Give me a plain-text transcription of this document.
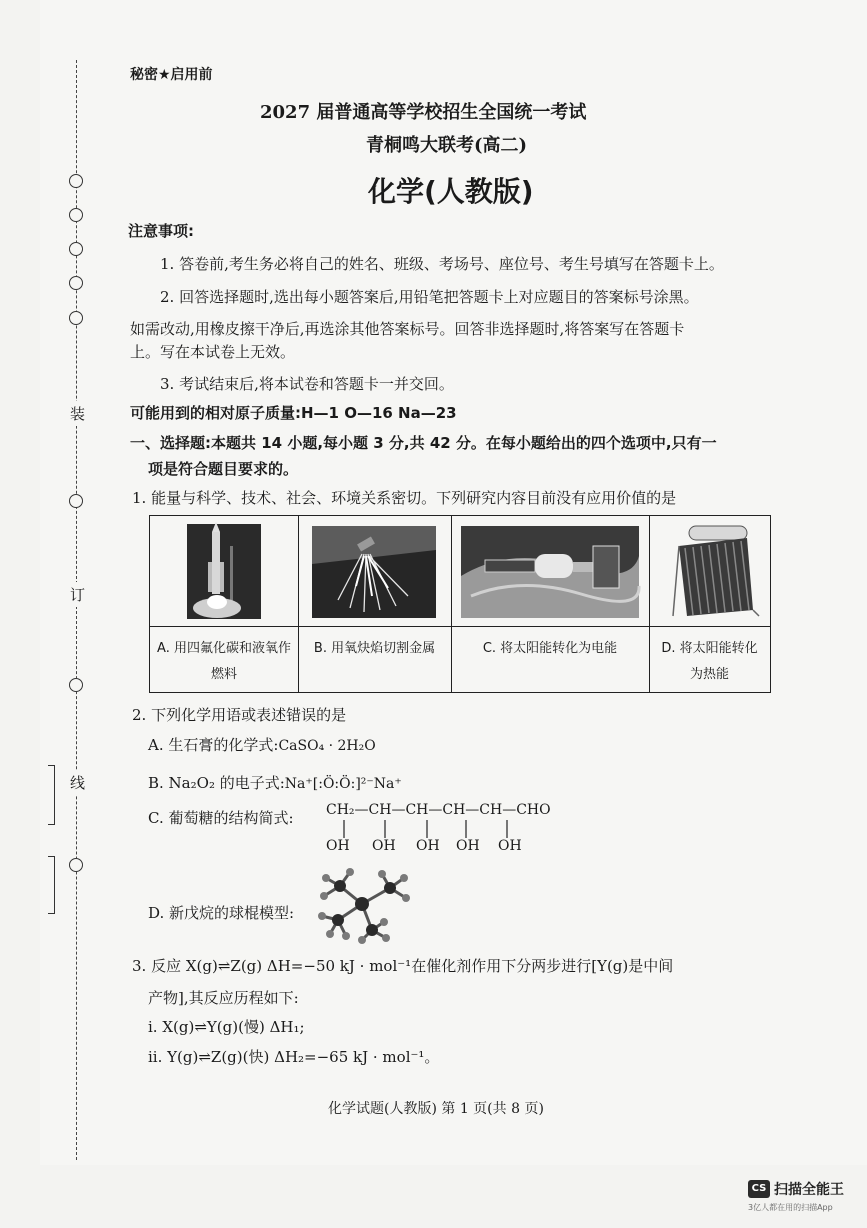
装
订
线
秘密★启用前
2027 届普通高等学校招生全国统一考试
青桐鸣大联考(高二)
化学(人教版)
注意事项:
1. 答卷前,考生务必将自己的姓名、班级、考场号、座位号、考生号填写在答题卡上。
2. 回答选择题时,选出每小题答案后,用铅笔把答题卡上对应题目的答案标号涂黑。
如需改动,用橡皮擦干净后,再选涂其他答案标号。回答非选择题时,将答案写在答题卡
上。写在本试卷上无效。
3. 考试结束后,将本试卷和答题卡一并交回。
可能用到的相对原子质量:H—1 O—16 Na—23
一、选择题:本题共 14 小题,每小题 3 分,共 42 分。在每小题给出的四个选项中,只有一
项是符合题目要求的。
1. 能量与科学、技术、社会、环境关系密切。下列研究内容目前没有应用价值的是
A. 用四氟化碳和液氧作燃料
B. 用氧炔焰切割金属	C. 将太阳能转化为电能	D. 将太阳能转化为热能
2. 下列化学用语或表述错误的是
A. 生石膏的化学式:CaSO₄ · 2H₂O
B. Na₂O₂ 的电子式:Na⁺[:Ö:Ö:]²⁻Na⁺
C. 葡萄糖的结构简式: CH₂—CH—CH—CH—CH—CHO
OH OH OH OH OH
D. 新戊烷的球棍模型:
3. 反应 X(g)⇌Z(g) ΔH=−50 kJ · mol⁻¹在催化剂作用下分两步进行[Y(g)是中间
产物],其反应历程如下:
i. X(g)⇌Y(g)(慢) ΔH₁;
ii. Y(g)⇌Z(g)(快) ΔH₂=−65 kJ · mol⁻¹。
化学试题(人教版) 第 1 页(共 8 页)
CS 扫描全能王
3亿人都在用的扫描App
